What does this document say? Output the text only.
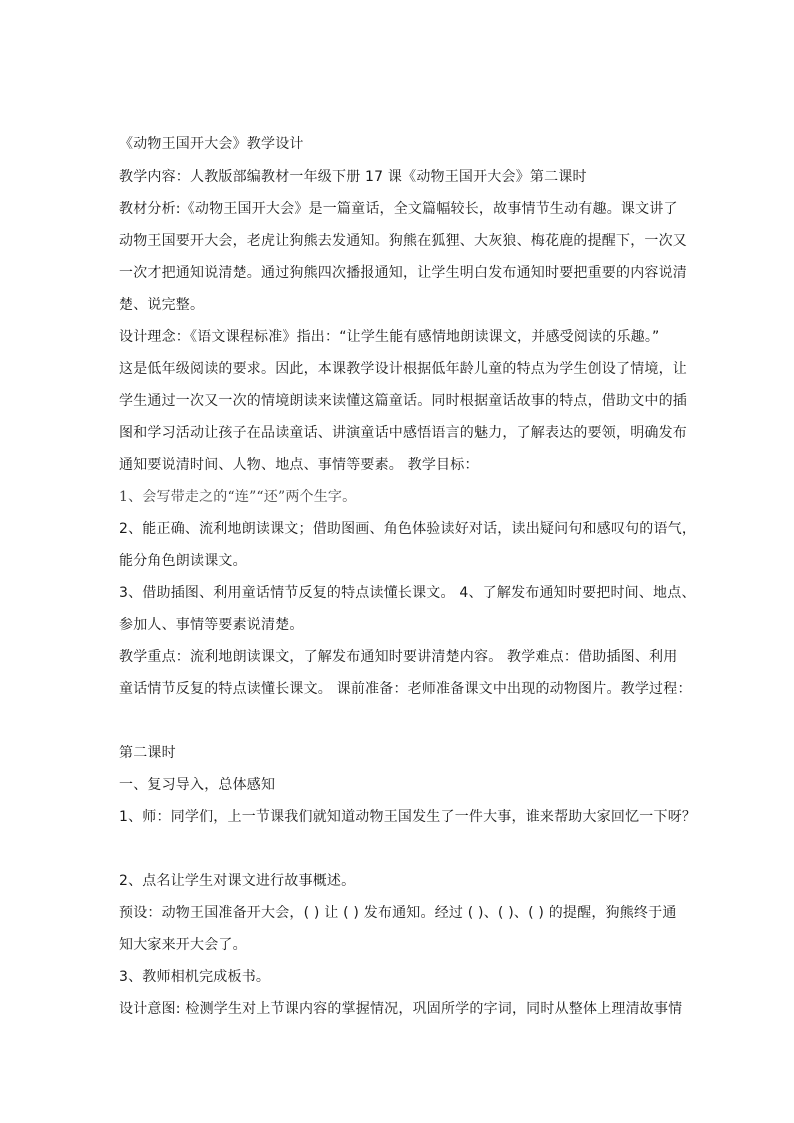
《动物王国开大会》教学设计
教学内容：人教版部编教材一年级下册 17 课《动物王国开大会》第二课时
教材分析:《动物王国开大会》是一篇童话，全文篇幅较长，故事情节生动有趣。课文讲了
动物王国要开大会，老虎让狗熊去发通知。狗熊在狐狸、大灰狼、梅花鹿的提醒下，一次又
一次才把通知说清楚。通过狗熊四次播报通知，让学生明白发布通知时要把重要的内容说清
楚、说完整。
设计理念：《语文课程标准》指出：“让学生能有感情地朗读课文，并感受阅读的乐趣。”
这是低年级阅读的要求。因此，本课教学设计根据低年龄儿童的特点为学生创设了情境，让
学生通过一次又一次的情境朗读来读懂这篇童话。同时根据童话故事的特点，借助文中的插
图和学习活动让孩子在品读童话、讲演童话中感悟语言的魅力，了解表达的要领，明确发布
通知要说清时间、人物、地点、事情等要素。 教学目标：
1、会写带走之的“连”“还”两个生字。
2、能正确、流利地朗读课文；借助图画、角色体验读好对话，读出疑问句和感叹句的语气，
能分角色朗读课文。
3、借助插图、利用童话情节反复的特点读懂长课文。 4、了解发布通知时要把时间、地点、
参加人、事情等要素说清楚。
教学重点：流利地朗读课文，了解发布通知时要讲清楚内容。 教学难点：借助插图、利用
童话情节反复的特点读懂长课文。 课前准备：老师准备课文中出现的动物图片。教学过程：
第二课时
一、复习导入，总体感知
1、师：同学们，上一节课我们就知道动物王国发生了一件大事，谁来帮助大家回忆一下呀？
2、点名让学生对课文进行故事概述。
预设：动物王国准备开大会，( ) 让 ( ) 发布通知。经过 ( )、( )、( ) 的提醒，狗熊终于通
知大家来开大会了。
3、教师相机完成板书。
设计意图: 检测学生对上节课内容的掌握情况，巩固所学的字词，同时从整体上理清故事情
